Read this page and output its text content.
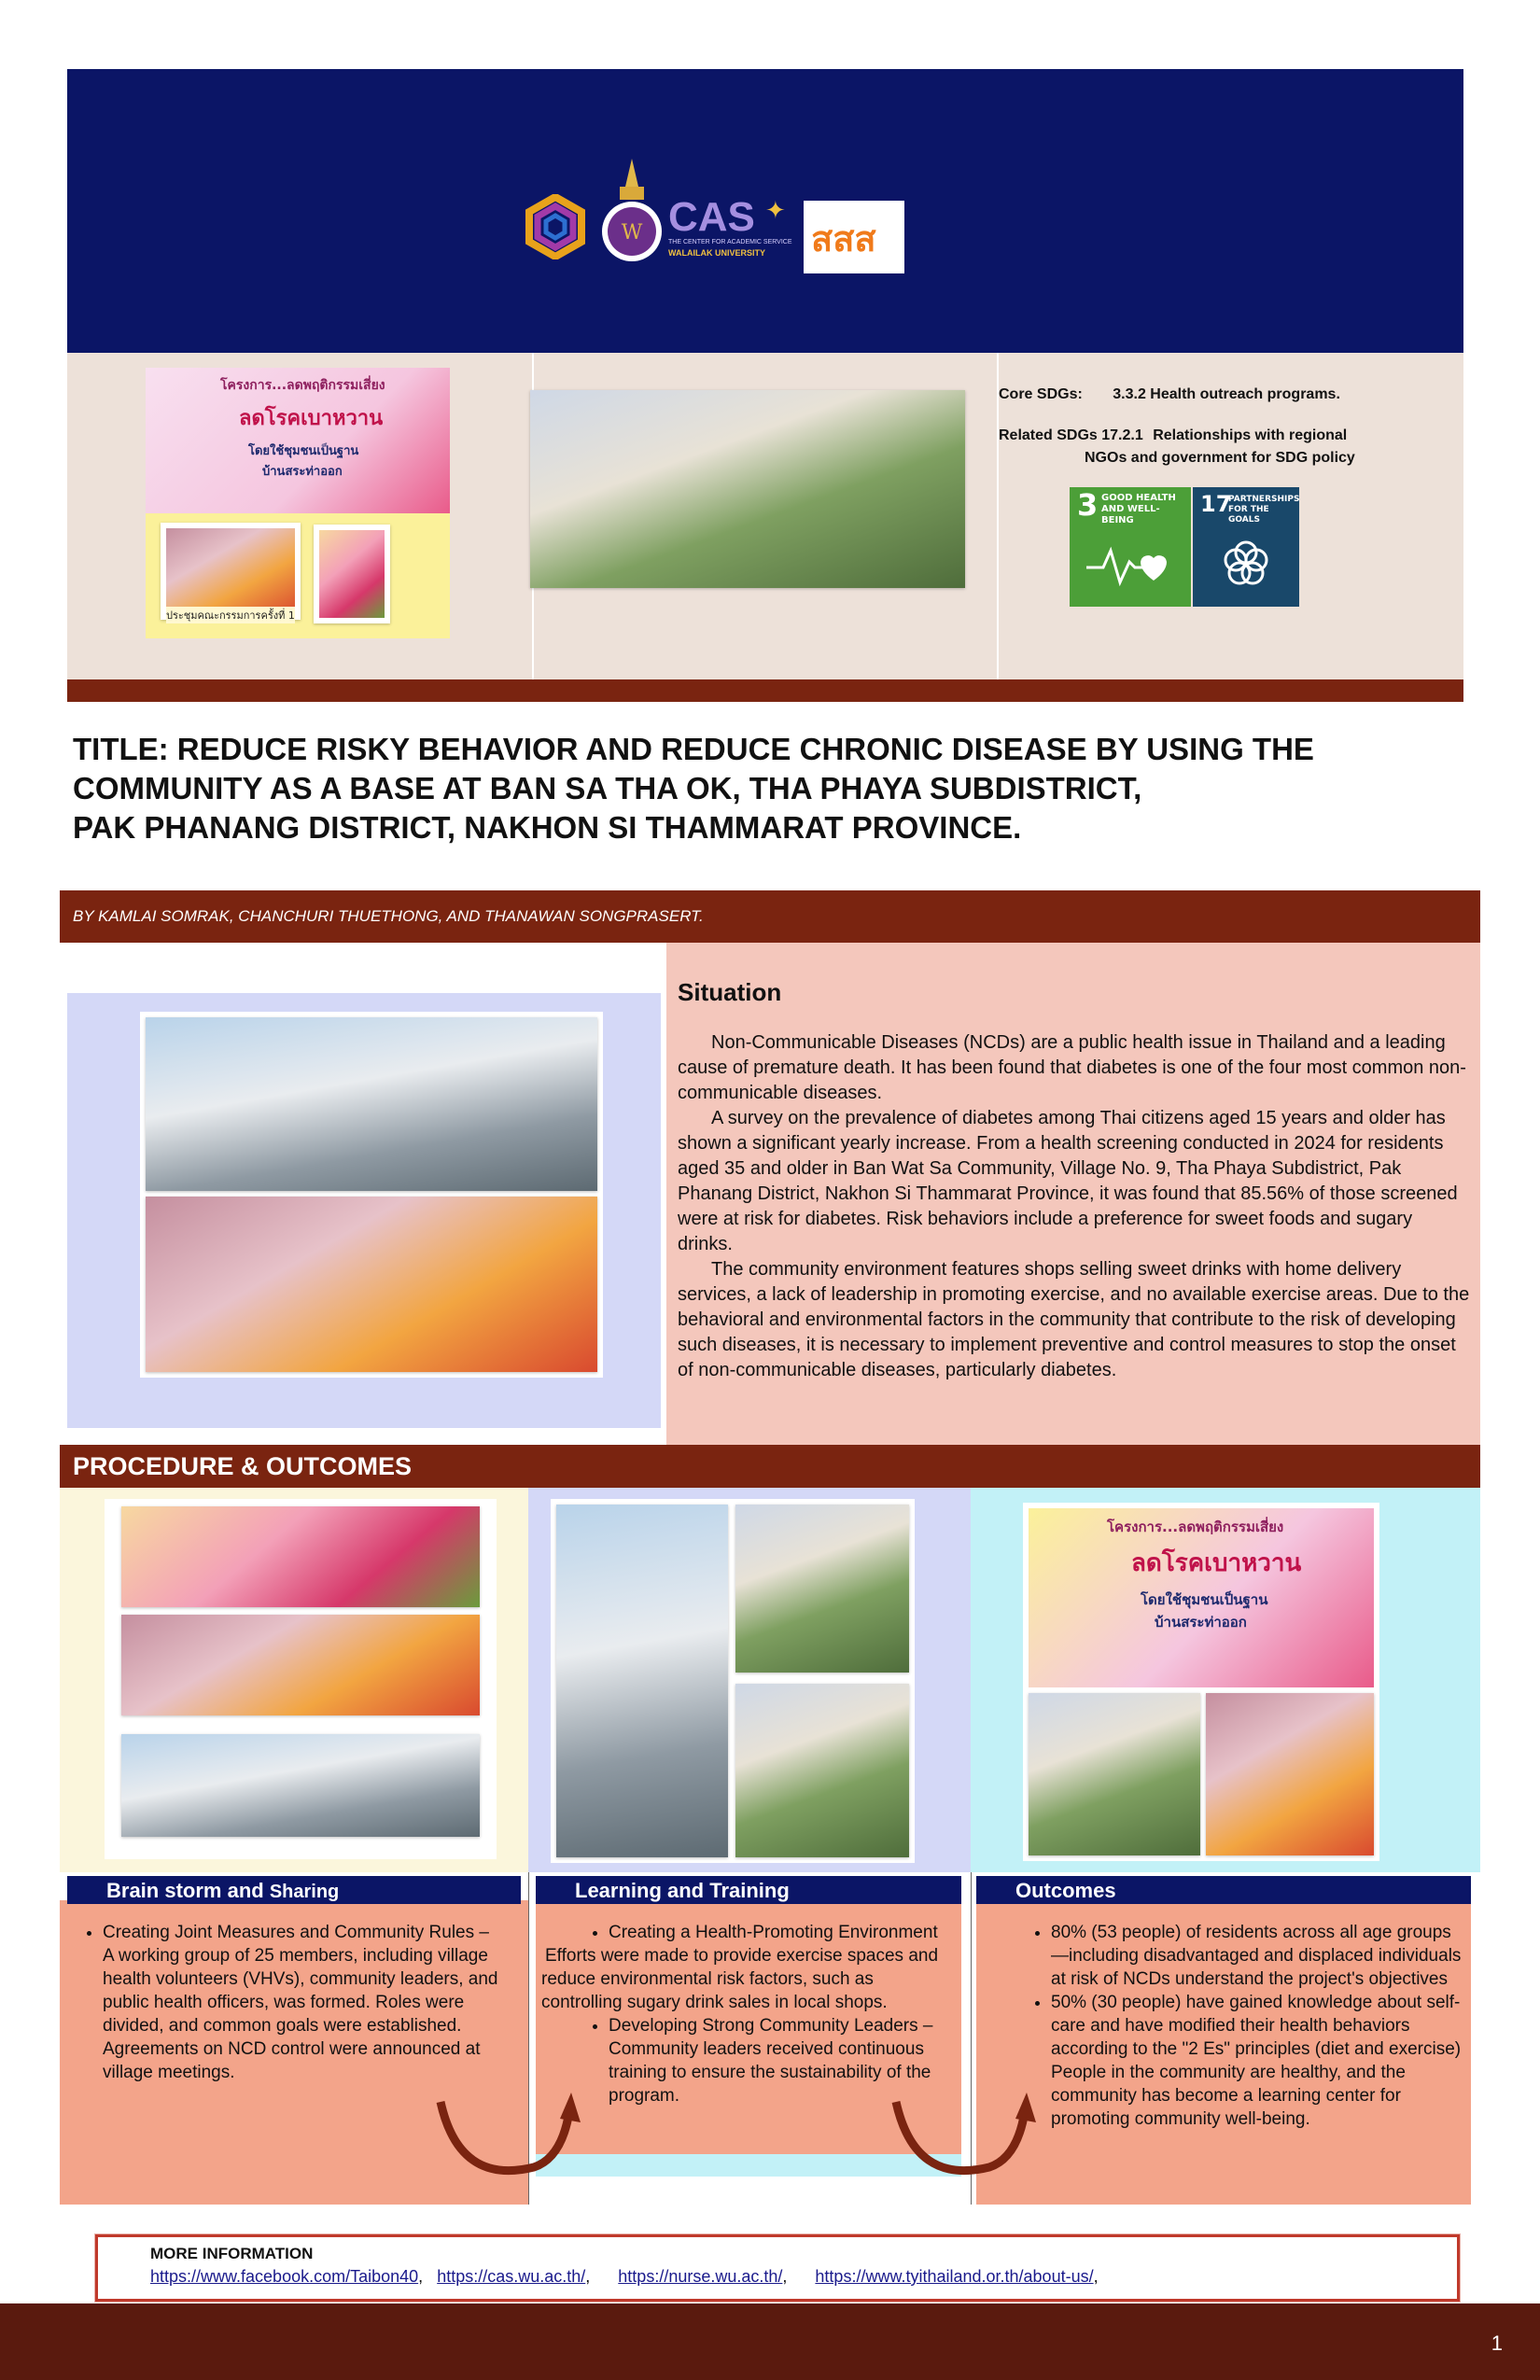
W CAS ✦
THE CENTER FOR ACADEMIC SERVICE
WALAILAK UNIVERSITY สสส
โครงการ...ลดพฤติกรรมเสี่ยง
ลดโรคเบาหวาน
โดยใช้ชุมชนเป็นฐาน
บ้านสระท่าออก
ประชุมคณะกรรมการครั้งที่ 1
Core SDGs: 3.3.2 Health outreach programs.
Related SDGs 17.2.1 Relationships with regional
NGOs and government for SDG policy
3 GOOD HEALTH AND WELL-BEING
17
PARTNERSHIPS FOR THE GOALS
TITLE: REDUCE RISKY BEHAVIOR AND REDUCE CHRONIC DISEASE BY USING THE
COMMUNITY AS A BASE AT BAN SA THA OK, THA PHAYA SUBDISTRICT,
PAK PHANANG DISTRICT, NAKHON SI THAMMARAT PROVINCE.
BY KAMLAI SOMRAK, CHANCHURI THUETHONG, AND THANAWAN SONGPRASERT.
Situation

Non-Communicable Diseases (NCDs) are a public health issue in Thailand and a leading cause of premature death. It has been found that diabetes is one of the four most common non-communicable diseases.

A survey on the prevalence of diabetes among Thai citizens aged 15 years and older has shown a significant yearly increase. From a health screening conducted in 2024 for residents aged 35 and older in Ban Wat Sa Community, Village No. 9, Tha Phaya Subdistrict, Pak Phanang District, Nakhon Si Thammarat Province, it was found that 85.56% of those screened were at risk for diabetes. Risk behaviors include a preference for sweet foods and sugary drinks.

The community environment features shops selling sweet drinks with home delivery services, a lack of leadership in promoting exercise, and no available exercise areas. Due to the behavioral and environmental factors in the community that contribute to the risk of developing such diseases, it is necessary to implement preventive and control measures to stop the onset of non-communicable diseases, particularly diabetes.

PROCEDURE & OUTCOMES
โครงการ...ลดพฤติกรรมเสี่ยง
ลดโรคเบาหวาน
โดยใช้ชุมชนเป็นฐาน
บ้านสระท่าออก
Brain storm and Sharing
• Creating Joint Measures and Community Rules – A working group of 25 members, including village health volunteers (VHVs), community leaders, and public health officers, was formed. Roles were divided, and common goals were established. Agreements on NCD control were announced at village meetings.
Learning and Training
• Creating a Health-Promoting Environment

Efforts were made to provide exercise spaces and reduce environmental risk factors, such as controlling sugary drink sales in local shops.

• Developing Strong Community Leaders – Community leaders received continuous training to ensure the sustainability of the program.
Outcomes
• 80% (53 people) of residents across all age groups—including disadvantaged and displaced individuals at risk of NCDs understand the project's objectives
• 50% (30 people) have gained knowledge about self-care and have modified their health behaviors according to the "2 Es" principles (diet and exercise)

People in the community are healthy, and the community has become a learning center for promoting community well-being.

MORE INFORMATION
https://www.facebook.com/Taibon40,   https://cas.wu.ac.th/,      https://nurse.wu.ac.th/,      https://www.tyithailand.or.th/about-us/,
1
